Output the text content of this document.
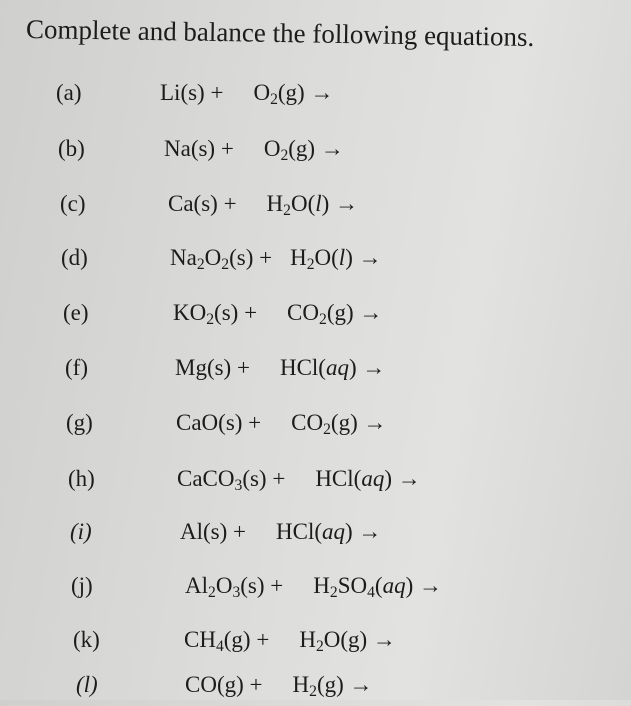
Complete and balance the following equations.
(a)	$Li(s) + O_2(g)$ →
(b)	$Na(s) + O_2(g)$ →
(c)	$Ca(s) + H_2O(l)$ →
(d)	$Na_2O_2(s) + H_2O(l)$ →
(e)	$KO_2(s) + CO_2(g)$ →
(f)	Mg(s) + HCl(aq) →
(g)	$CaO(s) + CO_2(g)$ →
(h)	CaCO$_3$(s) + HCl(aq) →
(i)	Al(s) + HCl(aq) →
(j)	$Al_2O_3(s) + H_2SO_4(aq)$ →
(k)	$CH_4(g) + H_2O(g)$ →
(l)	$CO(g) + H_2(g)$ →
